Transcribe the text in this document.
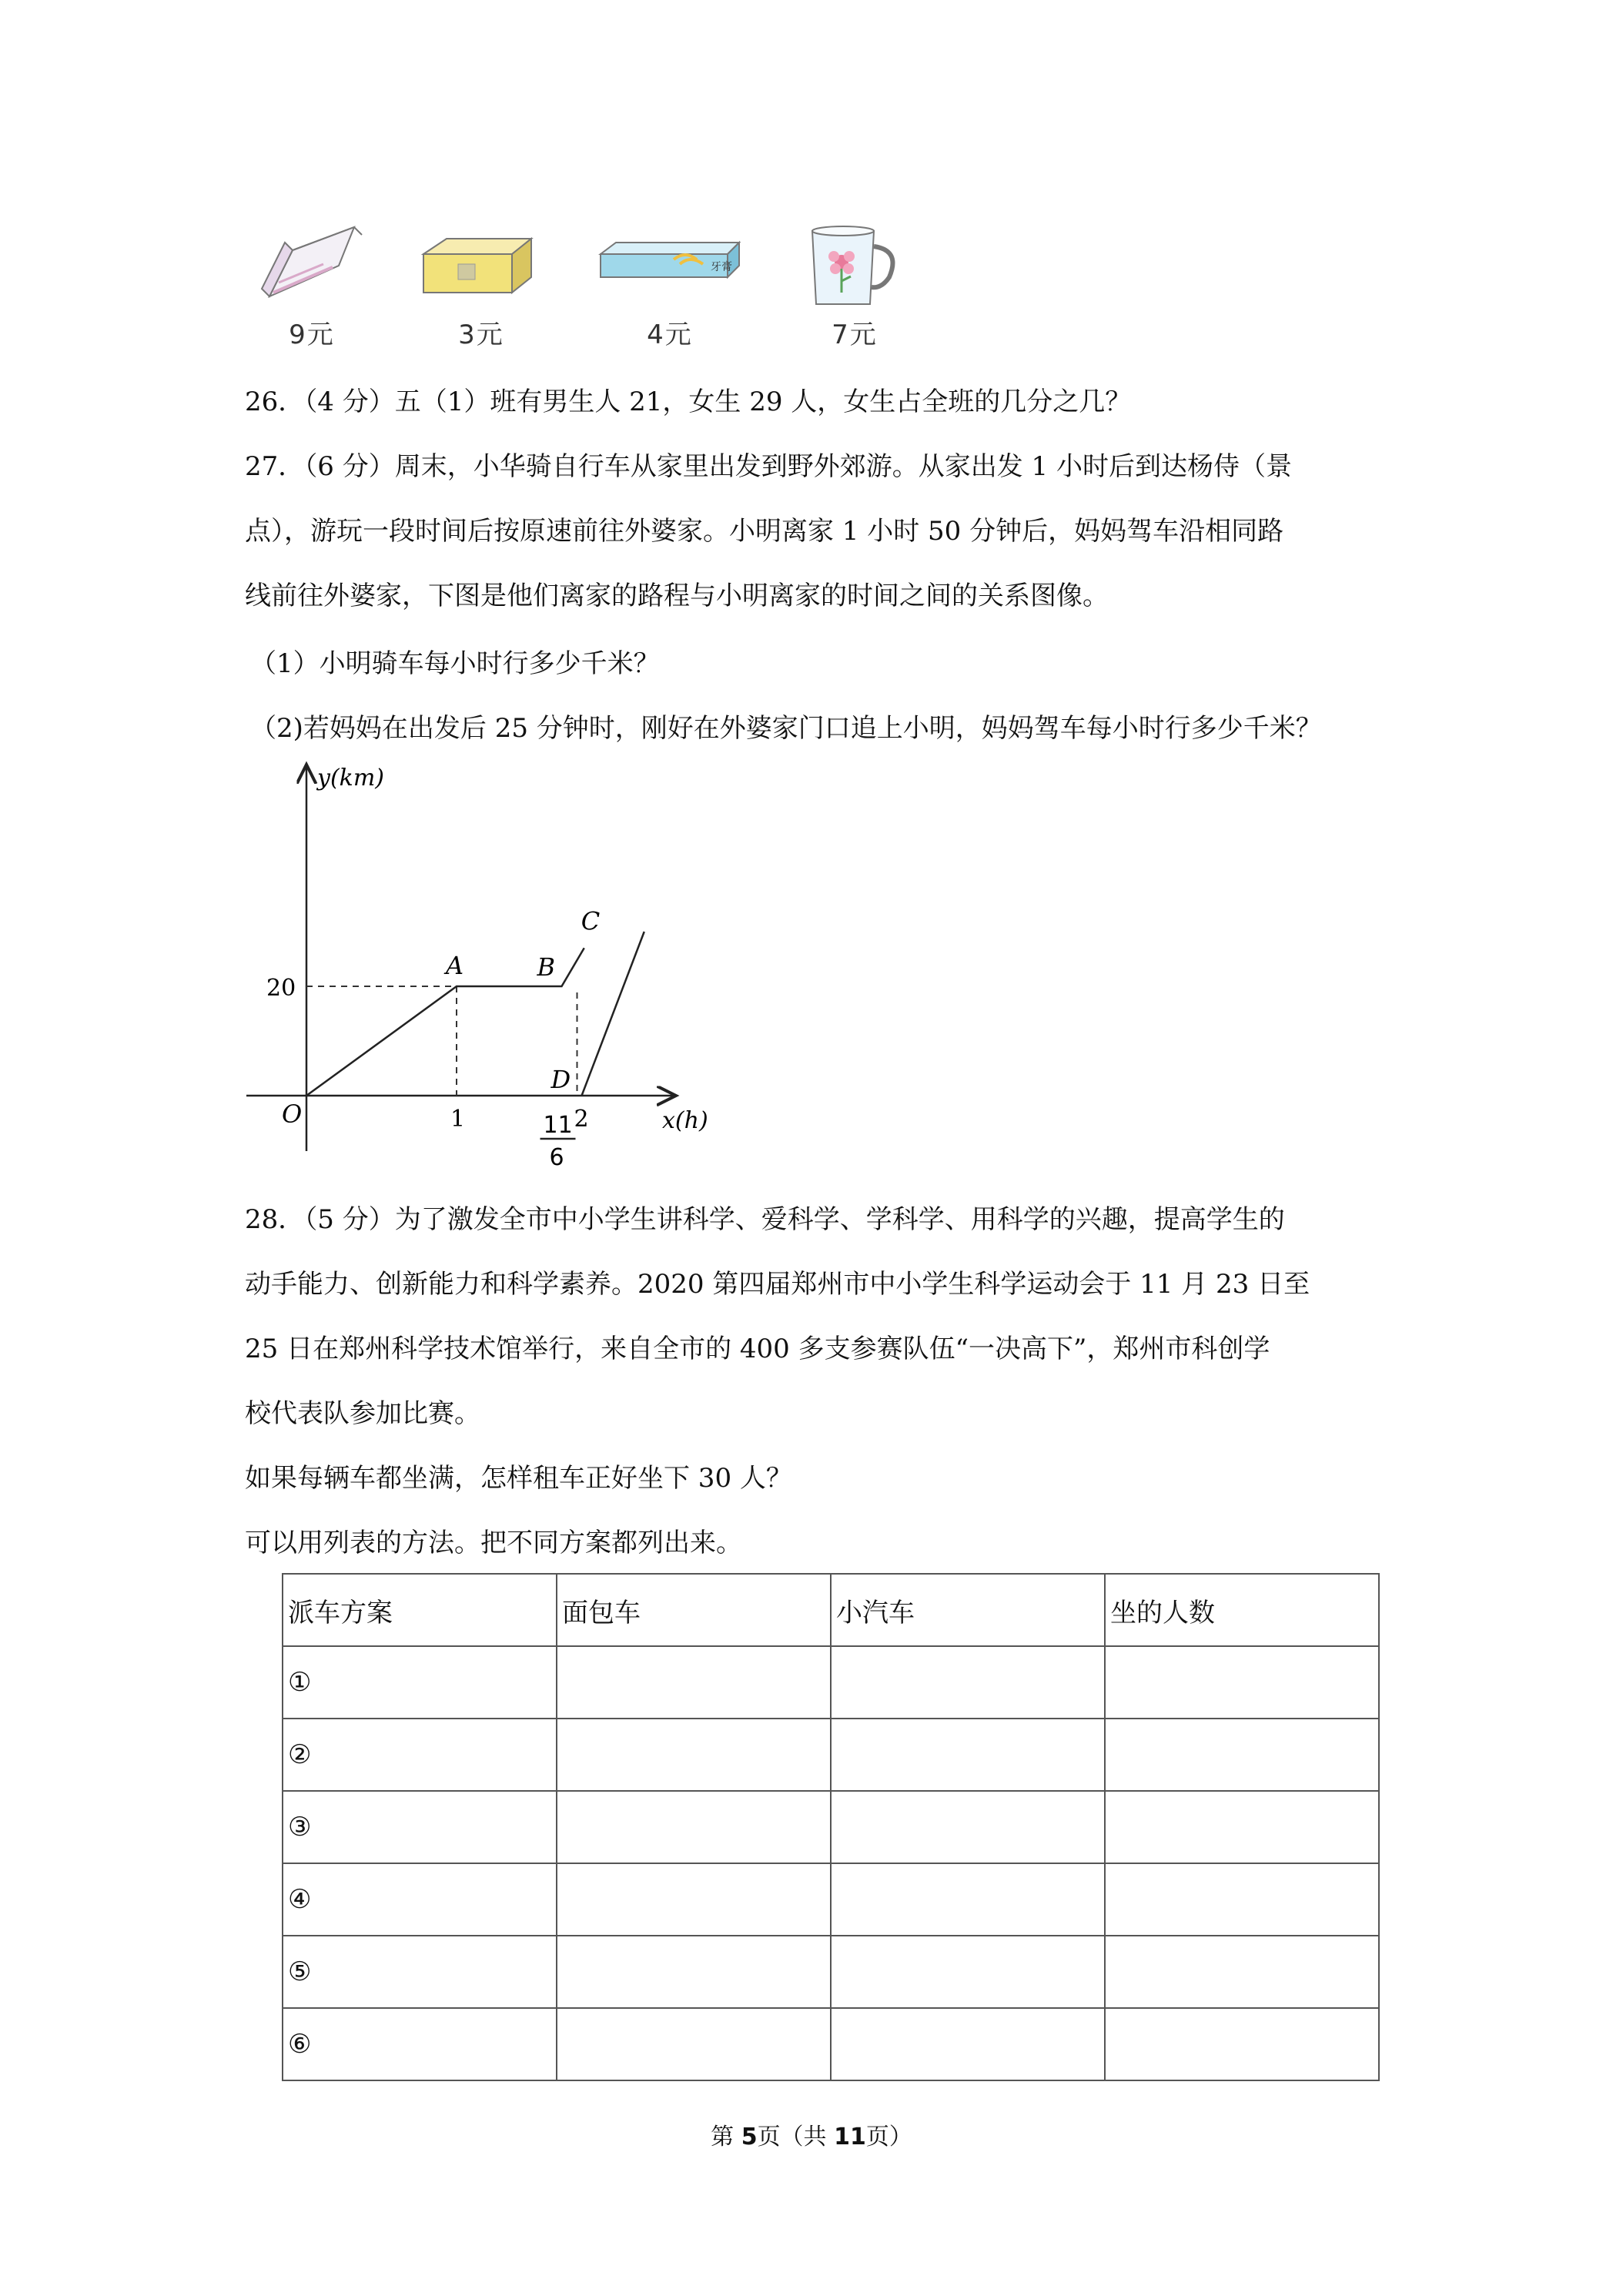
9元	3元
牙膏
4元	7元
26．（4 分）五（1）班有男生人 21，女生 29 人，女生占全班的几分之几？
27．（6 分）周末，小华骑自行车从家里出发到野外郊游。从家出发 1 小时后到达杨侍（景
点），游玩一段时间后按原速前往外婆家。小明离家 1 小时 50 分钟后，妈妈驾车沿相同路
线前往外婆家，下图是他们离家的路程与小明离家的时间之间的关系图像。
（1）小明骑车每小时行多少千米？
（2)若妈妈在出发后 25 分钟时，刚好在外婆家门口追上小明，妈妈驾车每小时行多少千米？
y(km)
x(h)
O
A	B
C
D
20
1	2
11
6
28．（5 分）为了激发全市中小学生讲科学、爱科学、学科学、用科学的兴趣，提高学生的
动手能力、创新能力和科学素养。2020 第四届郑州市中小学生科学运动会于 11 月 23 日至
25 日在郑州科学技术馆举行，来自全市的 400 多支参赛队伍“一决高下”，郑州市科创学
校代表队参加比赛。
如果每辆车都坐满，怎样租车正好坐下 30 人？
可以用列表的方法。把不同方案都列出来。
派车方案	面包车	小汽车	坐的人数
①			
②			
③			
④			
⑤			
⑥			
第 5页（共 11页）
